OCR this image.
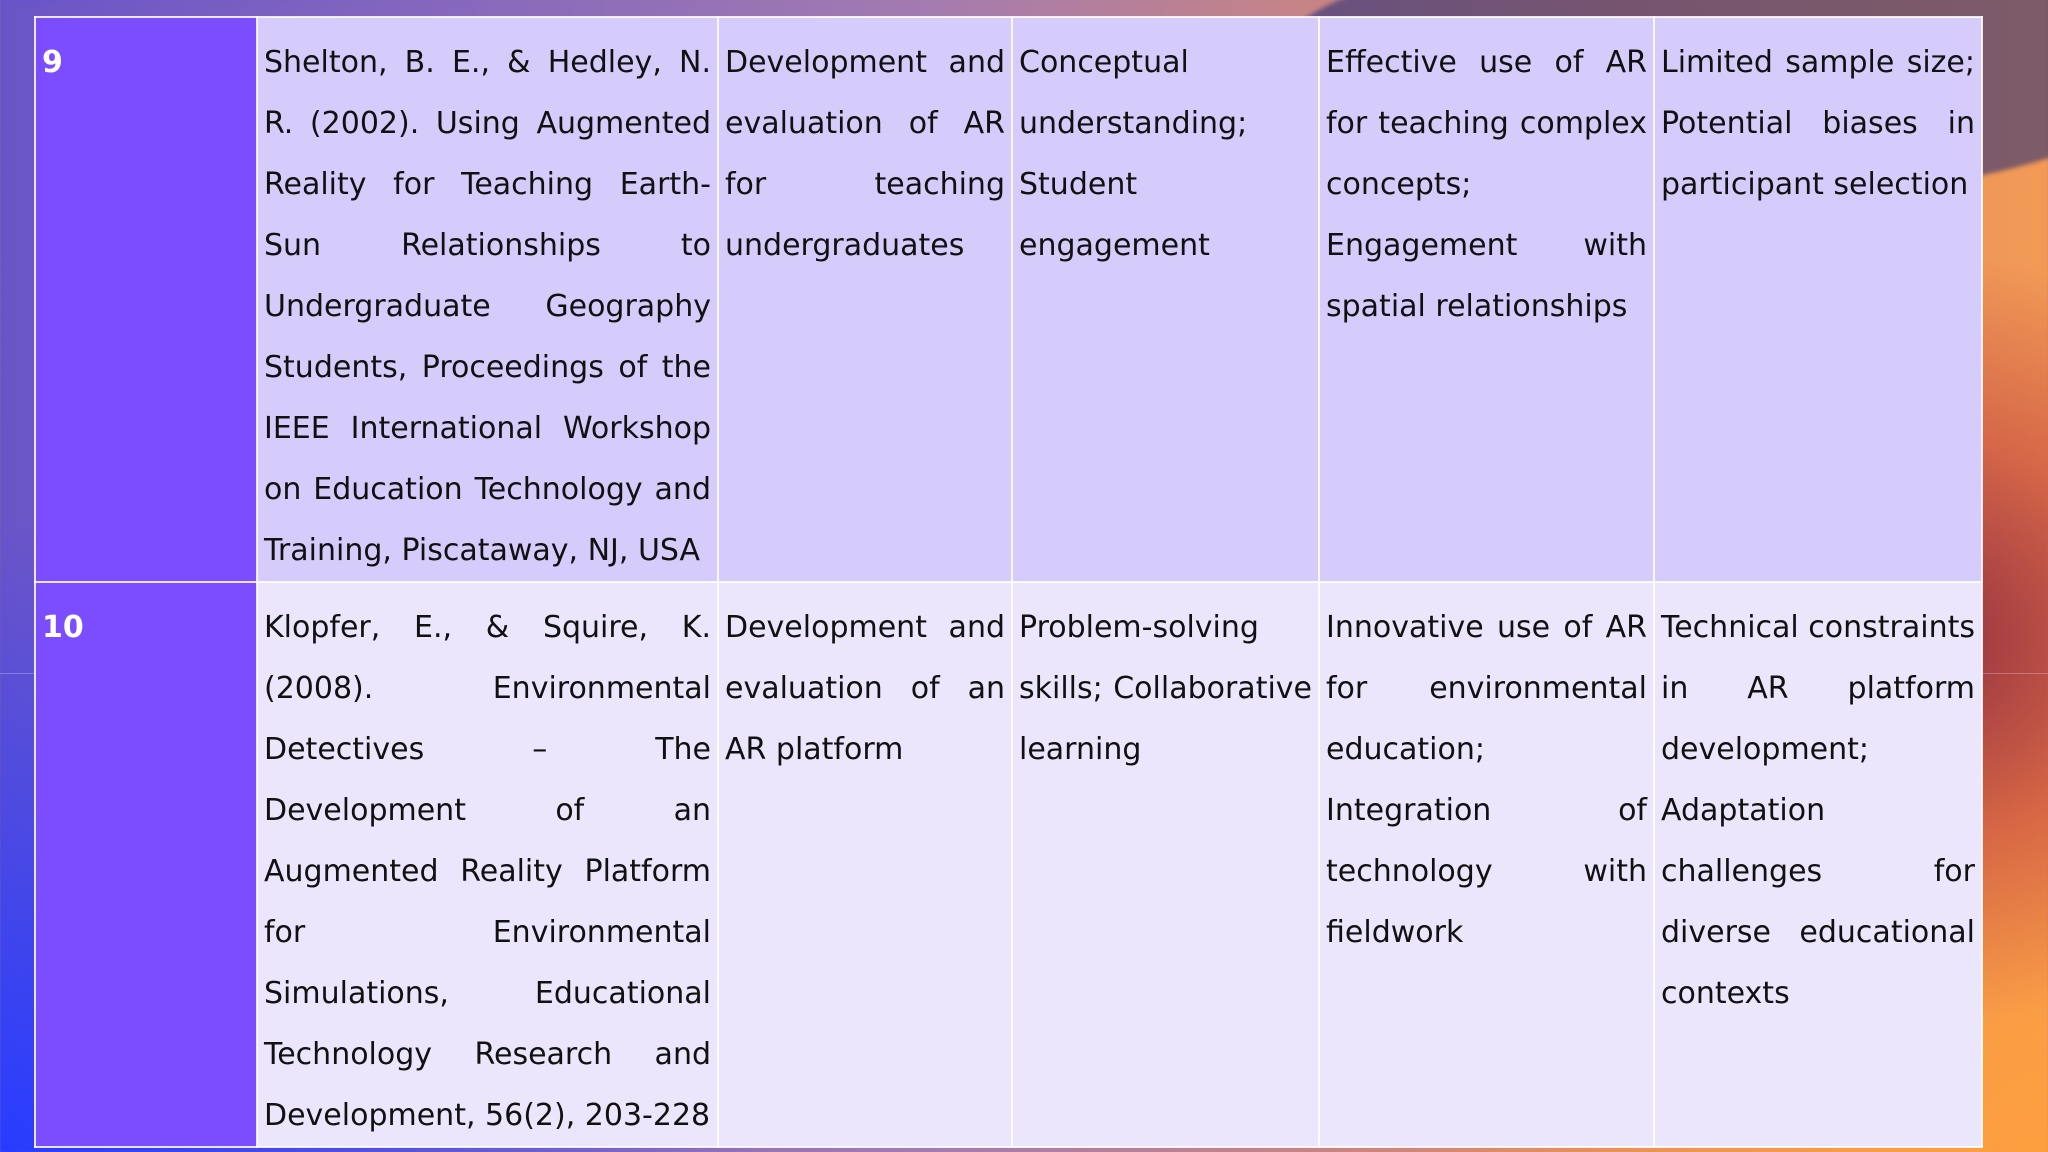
9	Shelton, B. E., & Hedley, N. R. (2002). Using Augmented Reality for Teaching Earth-Sun Relationships to Undergraduate Geography Students, Proceedings of the IEEE International Workshop on Education Technology and Training, Piscataway, NJ, USA	Development and evaluation of AR for teaching undergraduates	Conceptual understanding; Student engagement	Effective use of AR for teaching complex concepts; Engagement with spatial relationships	Limited sample size; Potential biases in participant selection
10	Klopfer, E., & Squire, K. (2008). Environmental Detectives – The Development of an Augmented Reality Platform for Environmental Simulations, Educational Technology Research and Development, 56(2), 203-228	Development and evaluation of an AR platform	Problem-solving skills; Collaborative learning	Innovative use of AR for environmental education; Integration of technology with fieldwork	Technical constraints in AR platform development; Adaptation challenges for diverse educational contexts
